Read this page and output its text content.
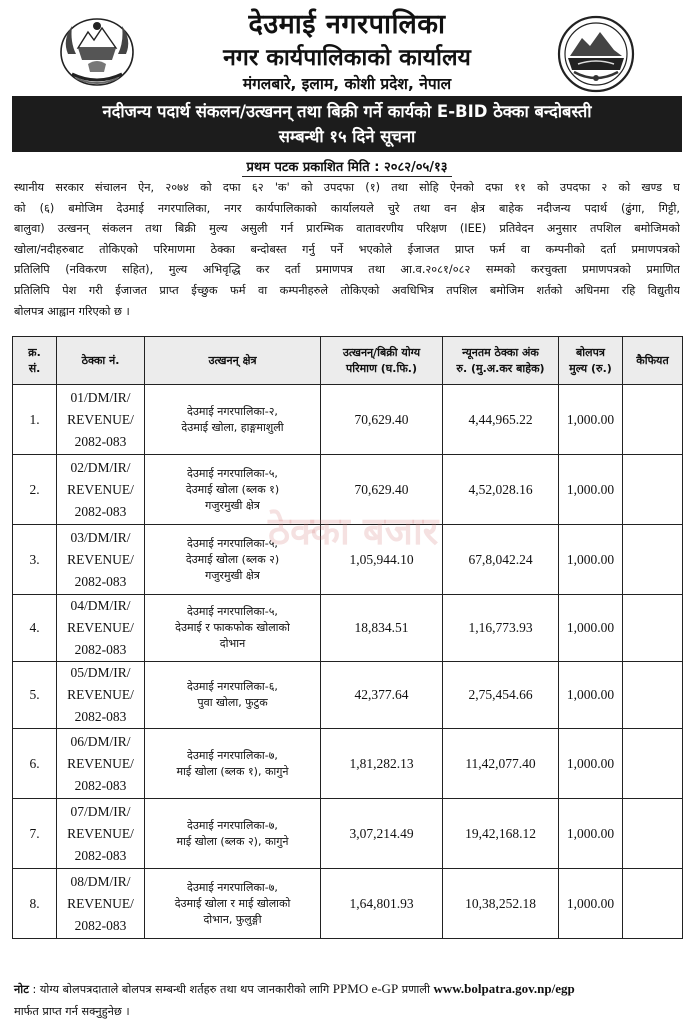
देउमाई नगरपालिका
नगर कार्यपालिकाको कार्यालय
मंगलबारे, इलाम, कोशी प्रदेश, नेपाल
नदीजन्य पदार्थ संकलन/उत्खनन् तथा बिक्री गर्ने कार्यको E-BID ठेक्का बन्दोबस्ती
सम्बन्धी १५ दिने सूचना
प्रथम पटक प्रकाशित मिति : २०८२/०५/१३
स्थानीय सरकार संचालन ऐन, २०७४ को दफा ६२ 'क' को उपदफा (१) तथा सोहि ऐनको दफा ११ को उपदफा २ को खण्ड घ
को (६) बमोजिम देउमाई नगरपालिका, नगर कार्यपालिकाको कार्यालयले चुरे तथा वन क्षेत्र बाहेक नदीजन्य पदार्थ (ढुंगा, गिट्टी,
बालुवा) उत्खनन् संकलन तथा बिक्री मुल्य असुली गर्न प्रारम्भिक वातावरणीय परिक्षण (IEE) प्रतिवेदन अनुसार तपशिल बमोजिमको
खोला/नदीहरुबाट तोकिएको परिमाणमा ठेक्का बन्दोबस्त गर्नु पर्ने भएकोले ईजाजत प्राप्त फर्म वा कम्पनीको दर्ता प्रमाणपत्रको
प्रतिलिपि (नविकरण सहित), मुल्य अभिवृद्धि कर दर्ता प्रमाणपत्र तथा आ.व.२०८१/०८२ सम्मको करचुक्ता प्रमाणपत्रको प्रमाणित
प्रतिलिपि पेश गरी ईजाजत प्राप्त ईच्छुक फर्म वा कम्पनीहरुले तोकिएको अवधिभित्र तपशिल बमोजिम शर्तको अधिनमा रहि विद्युतीय
बोलपत्र आह्वान गरिएको छ ।
क्र.
सं.	ठेक्का नं.	उत्खनन् क्षेत्र	उत्खनन्/बिक्री योग्य
परिमाण (घ.फि.)	न्यूनतम ठेक्का अंक
रु. (मु.अ.कर बाहेक)	बोलपत्र
मुल्य (रु.)	कैफियत
1.	01/DM/IR/
REVENUE/
2082-083	देउमाई नगरपालिका-२,
देउमाई खोला, हाङ्गमाशुली	70,629.40	4,44,965.22	1,000.00	
2.	02/DM/IR/
REVENUE/
2082-083	देउमाई नगरपालिका-५,
देउमाई खोला (ब्लक १)
गजुरमुखी क्षेत्र	70,629.40	4,52,028.16	1,000.00	
3.	03/DM/IR/
REVENUE/
2082-083	देउमाई नगरपालिका-५,
देउमाई खोला (ब्लक २)
गजुरमुखी क्षेत्र	1,05,944.10	67,8,042.24	1,000.00	
4.	04/DM/IR/
REVENUE/
2082-083	देउमाई नगरपालिका-५,
देउमाई र फाकफोक खोलाको
दोभान	18,834.51	1,16,773.93	1,000.00	
5.	05/DM/IR/
REVENUE/
2082-083	देउमाई नगरपालिका-६,
पुवा खोला, फुटुक	42,377.64	2,75,454.66	1,000.00	
6.	06/DM/IR/
REVENUE/
2082-083	देउमाई नगरपालिका-७,
माई खोला (ब्लक १), कागुने	1,81,282.13	11,42,077.40	1,000.00	
7.	07/DM/IR/
REVENUE/
2082-083	देउमाई नगरपालिका-७,
माई खोला (ब्लक २), कागुने	3,07,214.49	19,42,168.12	1,000.00	
8.	08/DM/IR/
REVENUE/
2082-083	देउमाई नगरपालिका-७,
देउमाई खोला र माई खोलाको
दोभान, फुलुङ्गी	1,64,801.93	10,38,252.18	1,000.00	
ठेक्का बजार
नोट : योग्य बोलपत्रदाताले बोलपत्र सम्बन्धी शर्तहरु तथा थप जानकारीको लागि PPMO e-GP प्रणाली www.bolpatra.gov.np/egp
मार्फत प्राप्त गर्न सक्नुहुनेछ ।
